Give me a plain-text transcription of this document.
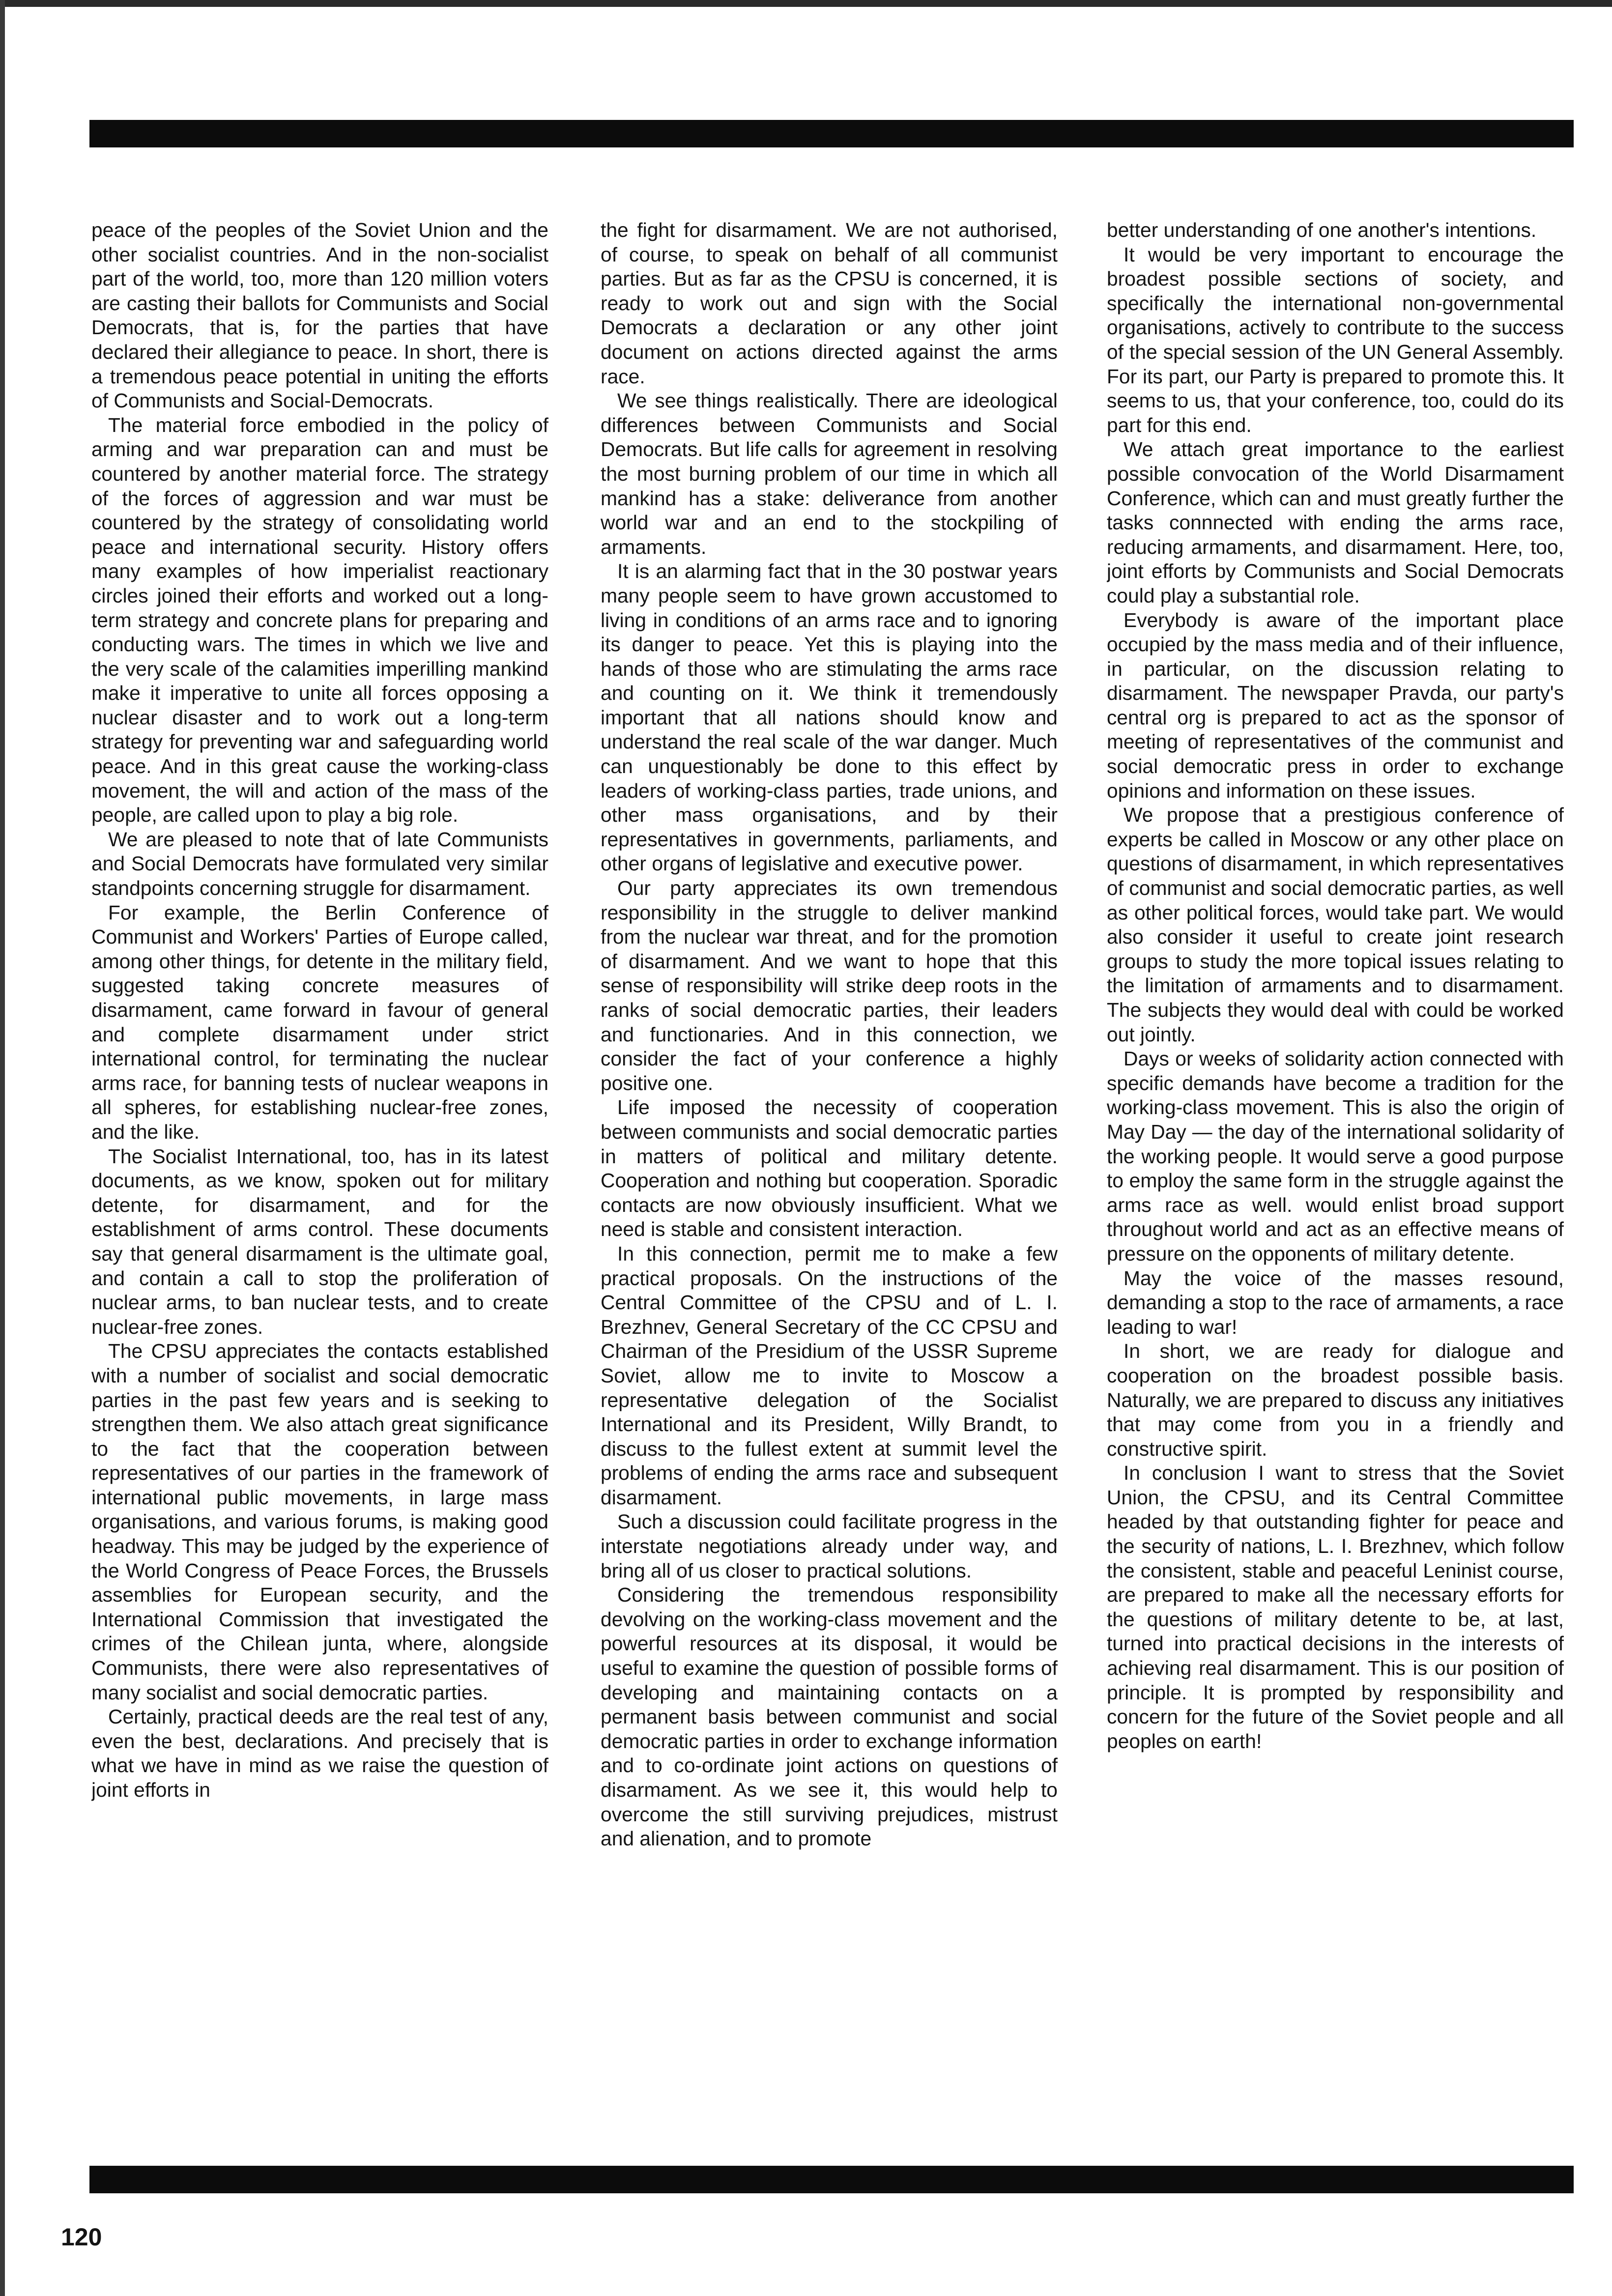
peace of the peoples of the Soviet Union and the other socialist countries. And in the non-socialist part of the world, too, more than 120 million voters are casting their ballots for Communists and Social Democrats, that is, for the parties that have declared their allegiance to peace. In short, there is a tremendous peace potential in uniting the efforts of Communists and Social-Democrats.

The material force embodied in the policy of arming and war preparation can and must be countered by another material force. The strategy of the forces of aggression and war must be countered by the strategy of consolidating world peace and international security. History offers many examples of how imperialist reactionary circles joined their efforts and worked out a long-term strategy and concrete plans for preparing and conducting wars. The times in which we live and the very scale of the calamities imperilling mankind make it imperative to unite all forces opposing a nuclear disaster and to work out a long-term strategy for preventing war and safeguarding world peace. And in this great cause the working-class movement, the will and action of the mass of the people, are called upon to play a big role.

We are pleased to note that of late Communists and Social Democrats have formulated very similar standpoints concerning struggle for disarmament.

For example, the Berlin Conference of Communist and Workers' Parties of Europe called, among other things, for detente in the military field, suggested taking concrete measures of disarmament, came forward in favour of general and complete disarmament under strict international control, for terminating the nuclear arms race, for banning tests of nuclear weapons in all spheres, for establishing nuclear-free zones, and the like.

The Socialist International, too, has in its latest documents, as we know, spoken out for military detente, for disarmament, and for the establishment of arms control. These documents say that general disarmament is the ultimate goal, and contain a call to stop the proliferation of nuclear arms, to ban nuclear tests, and to create nuclear-free zones.

The CPSU appreciates the contacts established with a number of socialist and social democratic parties in the past few years and is seeking to strengthen them. We also attach great significance to the fact that the cooperation between representatives of our parties in the framework of international public movements, in large mass organisations, and various forums, is making good headway. This may be judged by the experience of the World Congress of Peace Forces, the Brussels assemblies for European security, and the International Commission that investigated the crimes of the Chilean junta, where, alongside Communists, there were also representatives of many socialist and social democratic parties.

Certainly, practical deeds are the real test of any, even the best, declarations. And precisely that is what we have in mind as we raise the question of joint efforts in

the fight for disarmament. We are not authorised, of course, to speak on behalf of all communist parties. But as far as the CPSU is concerned, it is ready to work out and sign with the Social Democrats a declaration or any other joint document on actions directed against the arms race.

We see things realistically. There are ideological differences between Communists and Social Democrats. But life calls for agreement in resolving the most burning problem of our time in which all mankind has a stake: deliverance from another world war and an end to the stockpiling of armaments.

It is an alarming fact that in the 30 postwar years many people seem to have grown accustomed to living in conditions of an arms race and to ignoring its danger to peace. Yet this is playing into the hands of those who are stimulating the arms race and counting on it. We think it tremendously important that all nations should know and understand the real scale of the war danger. Much can unquestionably be done to this effect by leaders of working-class parties, trade unions, and other mass organisations, and by their representatives in governments, parliaments, and other organs of legislative and executive power.

Our party appreciates its own tremendous responsibility in the struggle to deliver mankind from the nuclear war threat, and for the promotion of disarmament. And we want to hope that this sense of responsibility will strike deep roots in the ranks of social democratic parties, their leaders and functionaries. And in this connection, we consider the fact of your conference a highly positive one.

Life imposed the necessity of cooperation between communists and social democratic parties in matters of political and military detente. Cooperation and nothing but cooperation. Sporadic contacts are now obviously insufficient. What we need is stable and consistent interaction.

In this connection, permit me to make a few practical proposals. On the instructions of the Central Committee of the CPSU and of L. I. Brezhnev, General Secretary of the CC CPSU and Chairman of the Presidium of the USSR Supreme Soviet, allow me to invite to Moscow a representative delegation of the Socialist International and its President, Willy Brandt, to discuss to the fullest extent at summit level the problems of ending the arms race and subsequent disarmament.

Such a discussion could facilitate progress in the interstate negotiations already under way, and bring all of us closer to practical solutions.

Considering the tremendous responsibility devolving on the working-class movement and the powerful resources at its disposal, it would be useful to examine the question of possible forms of developing and maintaining contacts on a permanent basis between communist and social democratic parties in order to exchange information and to co-ordinate joint actions on questions of disarmament. As we see it, this would help to overcome the still surviving prejudices, mistrust and alienation, and to promote

better understanding of one another's intentions.

It would be very important to encourage the broadest possible sections of society, and specifically the international non-governmental organisations, actively to contribute to the success of the special session of the UN General Assembly. For its part, our Party is prepared to promote this. It seems to us, that your conference, too, could do its part for this end.

We attach great importance to the earliest possible convocation of the World Disarmament Conference, which can and must greatly further the tasks connnected with ending the arms race, reducing armaments, and disarmament. Here, too, joint efforts by Communists and Social Democrats could play a substantial role.

Everybody is aware of the important place occupied by the mass media and of their influence, in particular, on the discussion relating to disarmament. The newspaper Pravda, our party's central org is prepared to act as the sponsor of meeting of representatives of the communist and social democratic press in order to exchange opinions and information on these issues.

We propose that a prestigious conference of experts be called in Moscow or any other place on questions of disarmament, in which representatives of communist and social democratic parties, as well as other political forces, would take part. We would also consider it useful to create joint research groups to study the more topical issues relating to the limitation of armaments and to disarmament. The subjects they would deal with could be worked out jointly.

Days or weeks of solidarity action connected with specific demands have become a tradition for the working-class movement. This is also the origin of May Day — the day of the international solidarity of the working people. It would serve a good purpose to employ the same form in the struggle against the arms race as well. would enlist broad support throughout world and act as an effective means of pressure on the opponents of military detente.

May the voice of the masses resound, demanding a stop to the race of armaments, a race leading to war!

In short, we are ready for dialogue and cooperation on the broadest possible basis. Naturally, we are prepared to discuss any initiatives that may come from you in a friendly and constructive spirit.

In conclusion I want to stress that the Soviet Union, the CPSU, and its Central Committee headed by that outstanding fighter for peace and the security of nations, L. I. Brezhnev, which follow the consistent, stable and peaceful Leninist course, are prepared to make all the necessary efforts for the questions of military detente to be, at last, turned into practical decisions in the interests of achieving real disarmament. This is our position of principle. It is prompted by responsibility and concern for the future of the Soviet people and all peoples on earth!

120
